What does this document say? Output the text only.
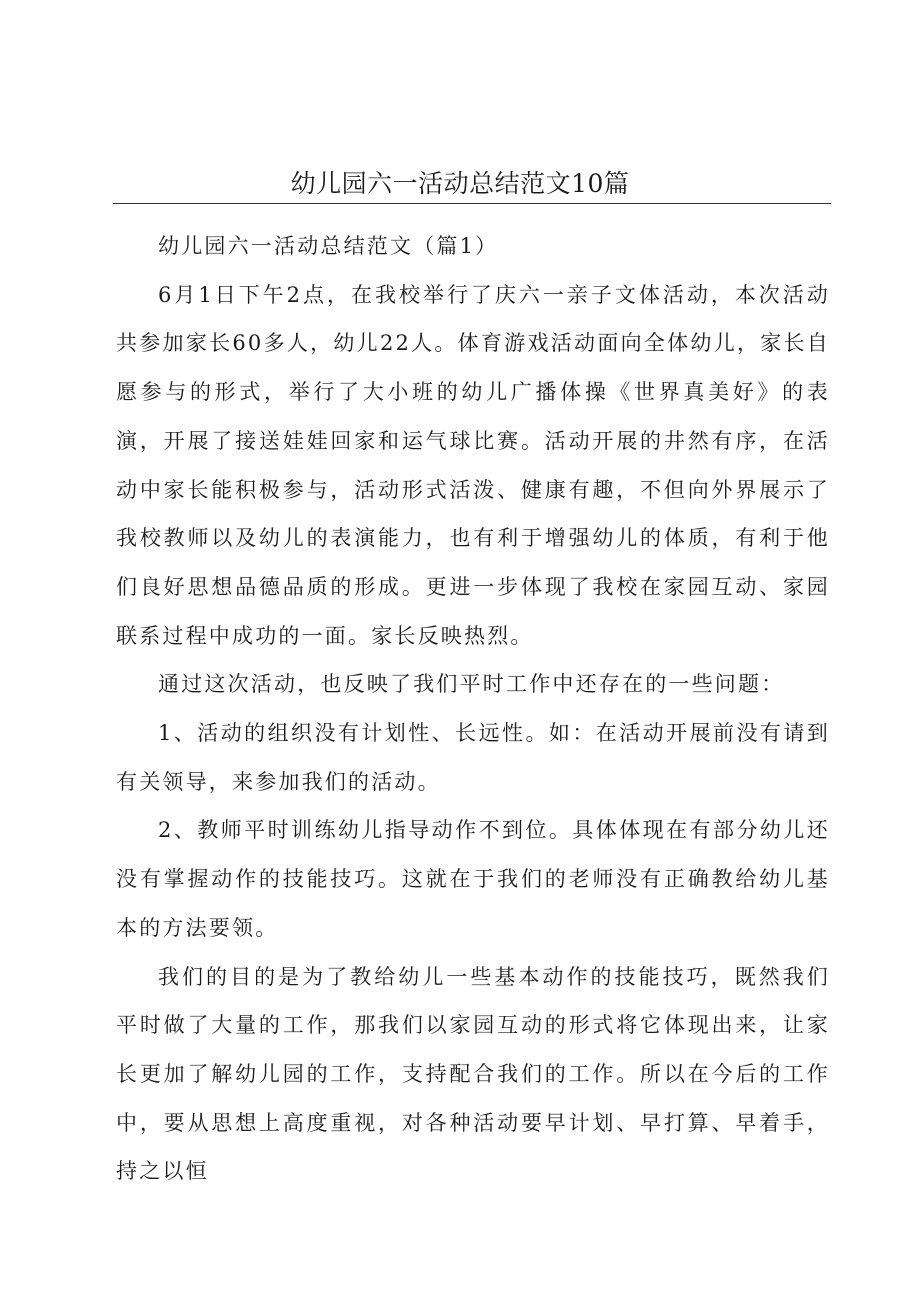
幼儿园六一活动总结范文10篇

幼儿园六一活动总结范文（篇1）

6月1日下午2点，在我校举行了庆六一亲子文体活动，本次活动共参加家长60多人，幼儿22人。体育游戏活动面向全体幼儿，家长自愿参与的形式，举行了大小班的幼儿广播体操《世界真美好》的表演，开展了接送娃娃回家和运气球比赛。活动开展的井然有序，在活动中家长能积极参与，活动形式活泼、健康有趣，不但向外界展示了我校教师以及幼儿的表演能力，也有利于增强幼儿的体质，有利于他们良好思想品德品质的形成。更进一步体现了我校在家园互动、家园联系过程中成功的一面。家长反映热烈。

通过这次活动，也反映了我们平时工作中还存在的一些问题：

1、活动的组织没有计划性、长远性。如：在活动开展前没有请到有关领导，来参加我们的活动。

2、教师平时训练幼儿指导动作不到位。具体体现在有部分幼儿还没有掌握动作的技能技巧。这就在于我们的老师没有正确教给幼儿基本的方法要领。

我们的目的是为了教给幼儿一些基本动作的技能技巧，既然我们平时做了大量的工作，那我们以家园互动的形式将它体现出来，让家长更加了解幼儿园的工作，支持配合我们的工作。所以在今后的工作中，要从思想上高度重视，对各种活动要早计划、早打算、早着手，持之以恒
